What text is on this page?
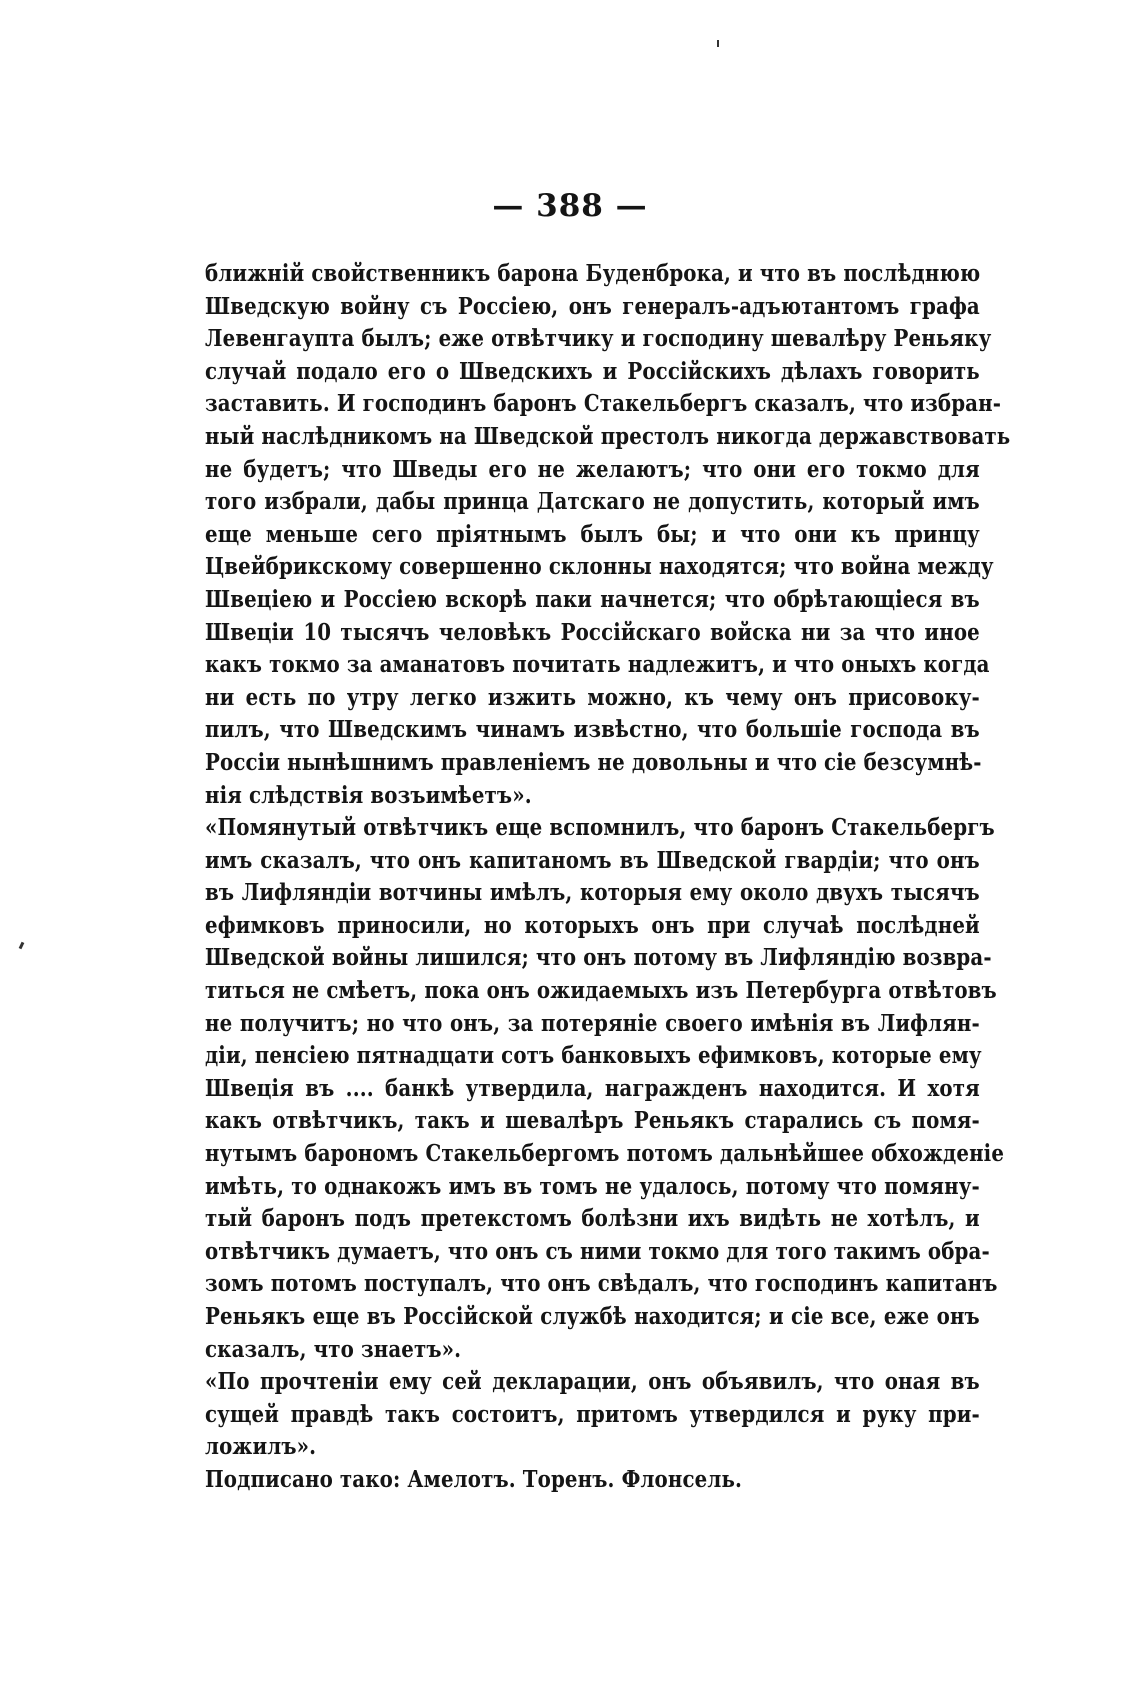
— 388 —
ближній свойственникъ барона Буденброка, и что въ послѣднюю
Шведскую войну съ Россіею, онъ генералъ-адъютантомъ графа
Левенгаупта былъ; еже отвѣтчику и господину шевалѣру Реньяку
случай подало его о Шведскихъ и Россійскихъ дѣлахъ говорить
заставить. И господинъ баронъ Стакельбергъ сказалъ, что избран-
ный наслѣдникомъ на Шведской престолъ никогда державствовать
не будетъ; что Шведы его не желаютъ; что они его токмо для
того избрали, дабы принца Датскаго не допустить, который имъ
еще меньше сего пріятнымъ былъ бы; и что они къ принцу
Цвейбрикскому совершенно склонны находятся; что война между
Швеціею и Россіею вскорѣ паки начнется; что обрѣтающіеся въ
Швеціи 10 тысячъ человѣкъ Россійскаго войска ни за что иное
какъ токмо за аманатовъ почитать надлежитъ, и что оныхъ когда
ни есть по утру легко изжить можно, къ чему онъ присовоку-
пилъ, что Шведскимъ чинамъ извѣстно, что большіе господа въ
Россіи нынѣшнимъ правленіемъ не довольны и что сіе безсумнѣ-
нія слѣдствія возъимѣетъ».
«Помянутый отвѣтчикъ еще вспомнилъ, что баронъ Стакельбергъ
имъ сказалъ, что онъ капитаномъ въ Шведской гвардіи; что онъ
въ Лифляндіи вотчины имѣлъ, которыя ему около двухъ тысячъ
ефимковъ приносили, но которыхъ онъ при случаѣ послѣдней
Шведской войны лишился; что онъ потому въ Лифляндію возвра-
титься не смѣетъ, пока онъ ожидаемыхъ изъ Петербурга отвѣтовъ
не получитъ; но что онъ, за потеряніе своего имѣнія въ Лифлян-
діи, пенсіею пятнадцати сотъ банковыхъ ефимковъ, которые ему
Швеція въ .... банкѣ утвердила, награжденъ находится. И хотя
какъ отвѣтчикъ, такъ и шевалѣръ Реньякъ старались съ помя-
нутымъ барономъ Стакельбергомъ потомъ дальнѣйшее обхожденіе
имѣть, то однакожъ имъ въ томъ не удалось, потому что помяну-
тый баронъ подъ претекстомъ болѣзни ихъ видѣть не хотѣлъ, и
отвѣтчикъ думаетъ, что онъ съ ними токмо для того такимъ обра-
зомъ потомъ поступалъ, что онъ свѣдалъ, что господинъ капитанъ
Реньякъ еще въ Россійской службѣ находится; и сіе все, еже онъ
сказалъ, что знаетъ».
«По прочтеніи ему сей декларации, онъ объявилъ, что оная въ
сущей правдѣ такъ состоитъ, притомъ утвердился и руку при-
ложилъ».
Подписано тако: Амелотъ. Торенъ. Флонсель.
